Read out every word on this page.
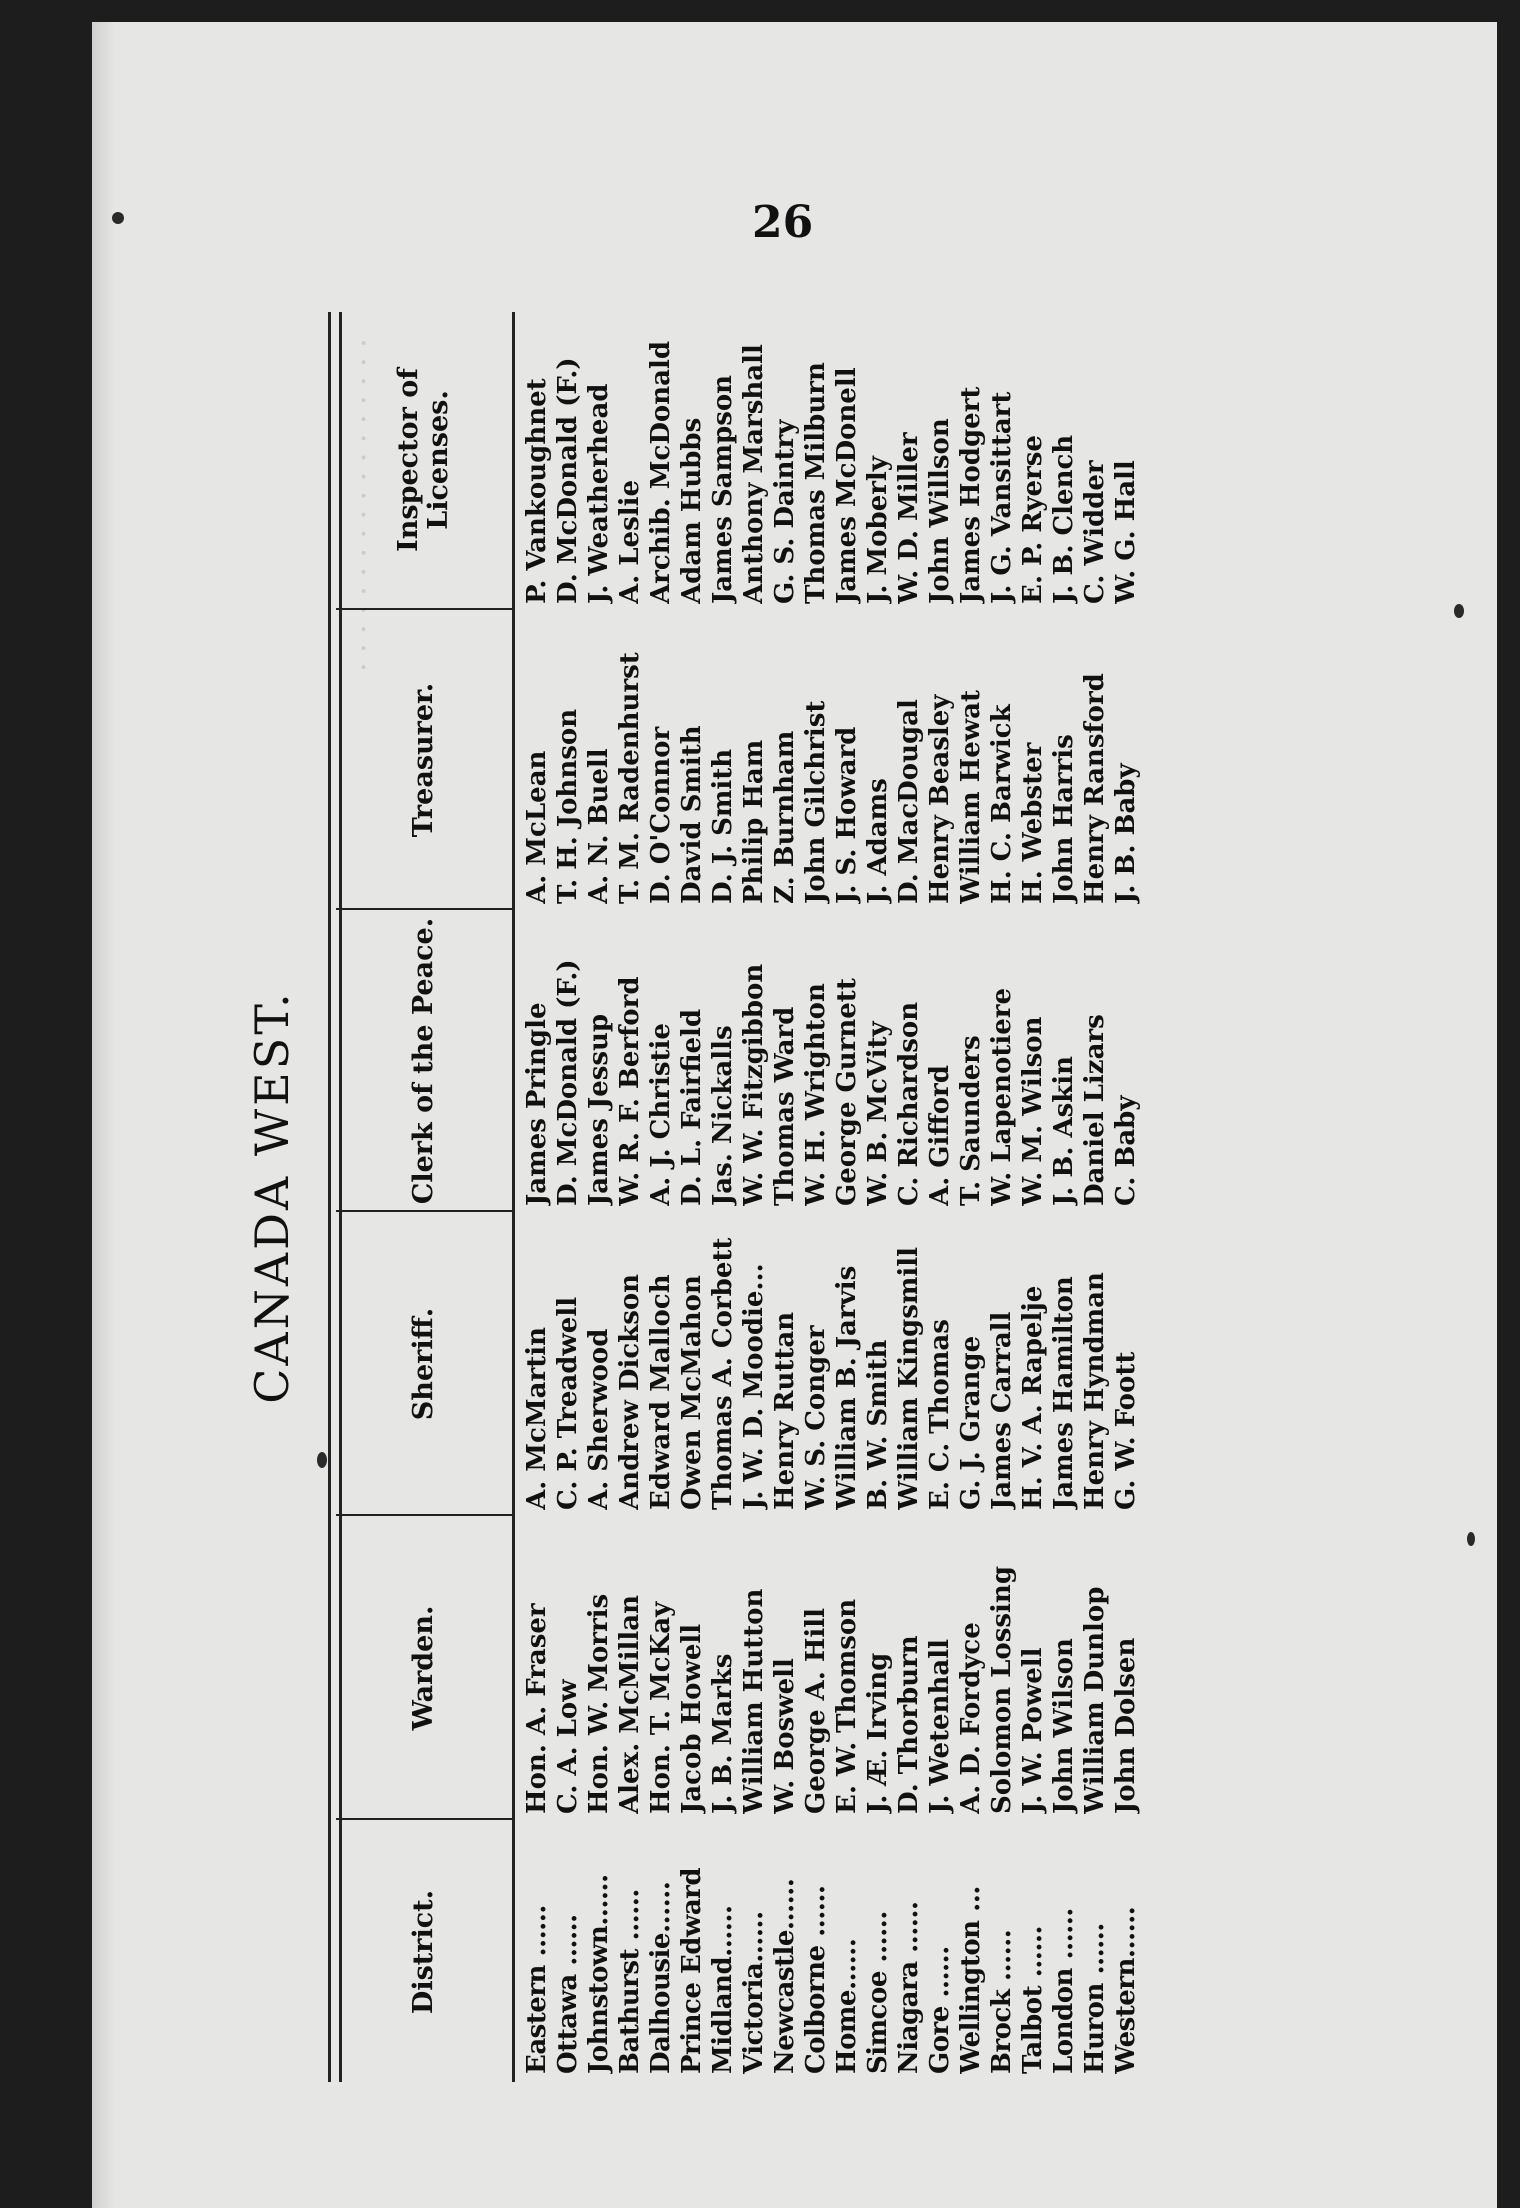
· · · · · · · · · · · · · · · · · ·
26
CANADA WEST.
District.
Warden.
Sheriff.
Clerk of the Peace.
Treasurer.
Inspector of Licenses.
Eastern ...... Ottawa ...... Johnstown...... Bathurst ...... Dalhousie...... Prince Edward Midland...... Victoria...... Newcastle...... Colborne ...... Home...... Simcoe ...... Niagara ...... Gore ...... Wellington ... Brock ...... Talbot ...... London ...... Huron ...... Western......
Hon. A. Fraser C. A. Low Hon. W. Morris Alex. McMillan Hon. T. McKay Jacob Howell J. B. Marks William Hutton W. Boswell George A. Hill E. W. Thomson J. Æ. Irving D. Thorburn J. Wetenhall A. D. Fordyce Solomon Lossing J. W. Powell John Wilson William Dunlop John Dolsen
A. McMartin C. P. Treadwell A. Sherwood Andrew Dickson Edward Malloch Owen McMahon Thomas A. Corbett J. W. D. Moodie... Henry Ruttan W. S. Conger William B. Jarvis B. W. Smith William Kingsmill E. C. Thomas G. J. Grange James Carrall H. V. A. Rapelje James Hamilton Henry Hyndman G. W. Foott
James Pringle D. McDonald (F.) James Jessup W. R. F. Berford A. J. Christie D. L. Fairfield Jas. Nickalls W. W. Fitzgibbon Thomas Ward W. H. Wrighton George Gurnett W. B. McVity C. Richardson A. Gifford T. Saunders W. Lapenotiere W. M. Wilson J. B. Askin Daniel Lizars C. Baby
A. McLean T. H. Johnson A. N. Buell T. M. Radenhurst D. O'Connor David Smith D. J. Smith Philip Ham Z. Burnham John Gilchrist J. S. Howard J. Adams D. MacDougal Henry Beasley William Hewat H. C. Barwick H. Webster John Harris Henry Ransford J. B. Baby
P. Vankoughnet D. McDonald (F.) J. Weatherhead A. Leslie Archib. McDonald Adam Hubbs James Sampson Anthony Marshall G. S. Daintry Thomas Milburn James McDonell J. Moberly W. D. Miller John Willson James Hodgert J. G. Vansittart E. P. Ryerse J. B. Clench C. Widder W. G. Hall
